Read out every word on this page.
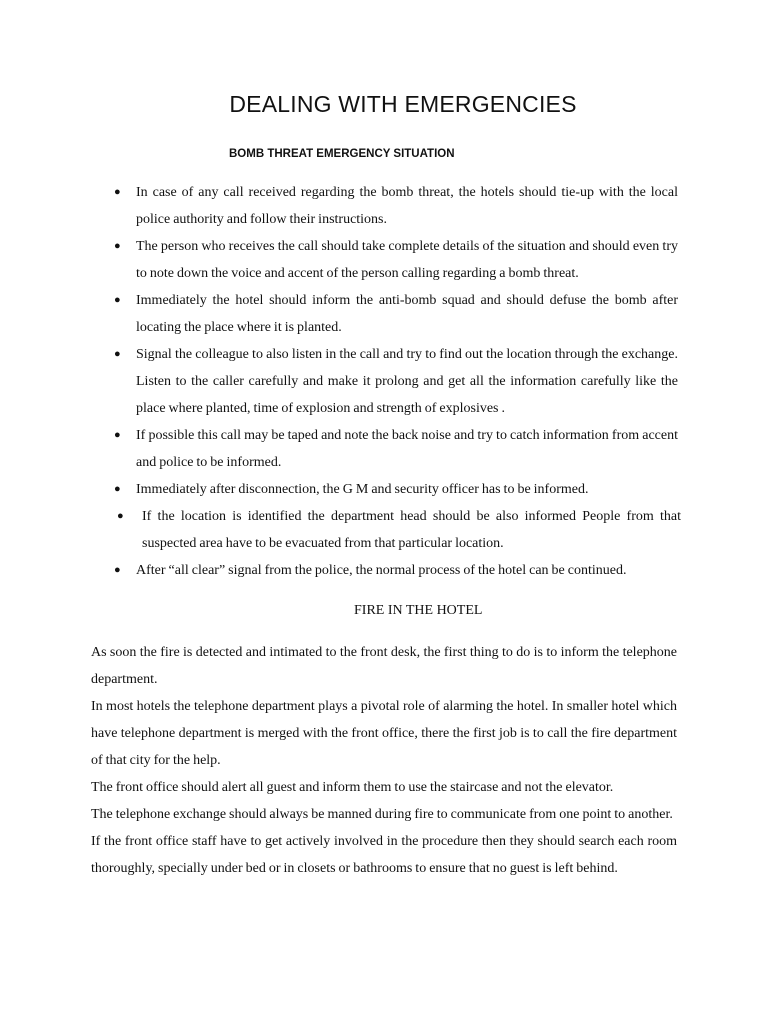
DEALING WITH EMERGENCIES
BOMB THREAT EMERGENCY SITUATION
● In case of any call received regarding the bomb threat, the hotels should tie-up with the local police authority and follow their instructions.
● The person who receives the call should take complete details of the situation and should even try to note down the voice and accent of the person calling regarding a bomb threat.
● Immediately the hotel should inform the anti-bomb squad and should defuse the bomb after locating the place where it is planted.
● Signal the colleague to also listen in the call and try to find out the location through the exchange. Listen to the caller carefully and make it prolong and get all the information carefully like the place where planted, time of explosion and strength of explosives .
● If possible this call may be taped and note the back noise and try to catch information from accent and police to be informed.
● Immediately after disconnection, the G M and security officer has to be informed.
● If the location is identified the department head should be also informed People from that suspected area have to be evacuated from that particular location.
● After “all clear” signal from the police, the normal process of the hotel can be continued.
FIRE IN THE HOTEL

As soon the fire is detected and intimated to the front desk, the first thing to do is to inform the telephone department.

In most hotels the telephone department plays a pivotal role of alarming the hotel. In smaller hotel which have telephone department is merged with the front office, there the first job is to call the fire department of that city for the help.

The front office should alert all guest and inform them to use the staircase and not the elevator.

The telephone exchange should always be manned during fire to communicate from one point to another.

If the front office staff have to get actively involved in the procedure then they should search each room thoroughly, specially under bed or in closets or bathrooms to ensure that no guest is left behind.
